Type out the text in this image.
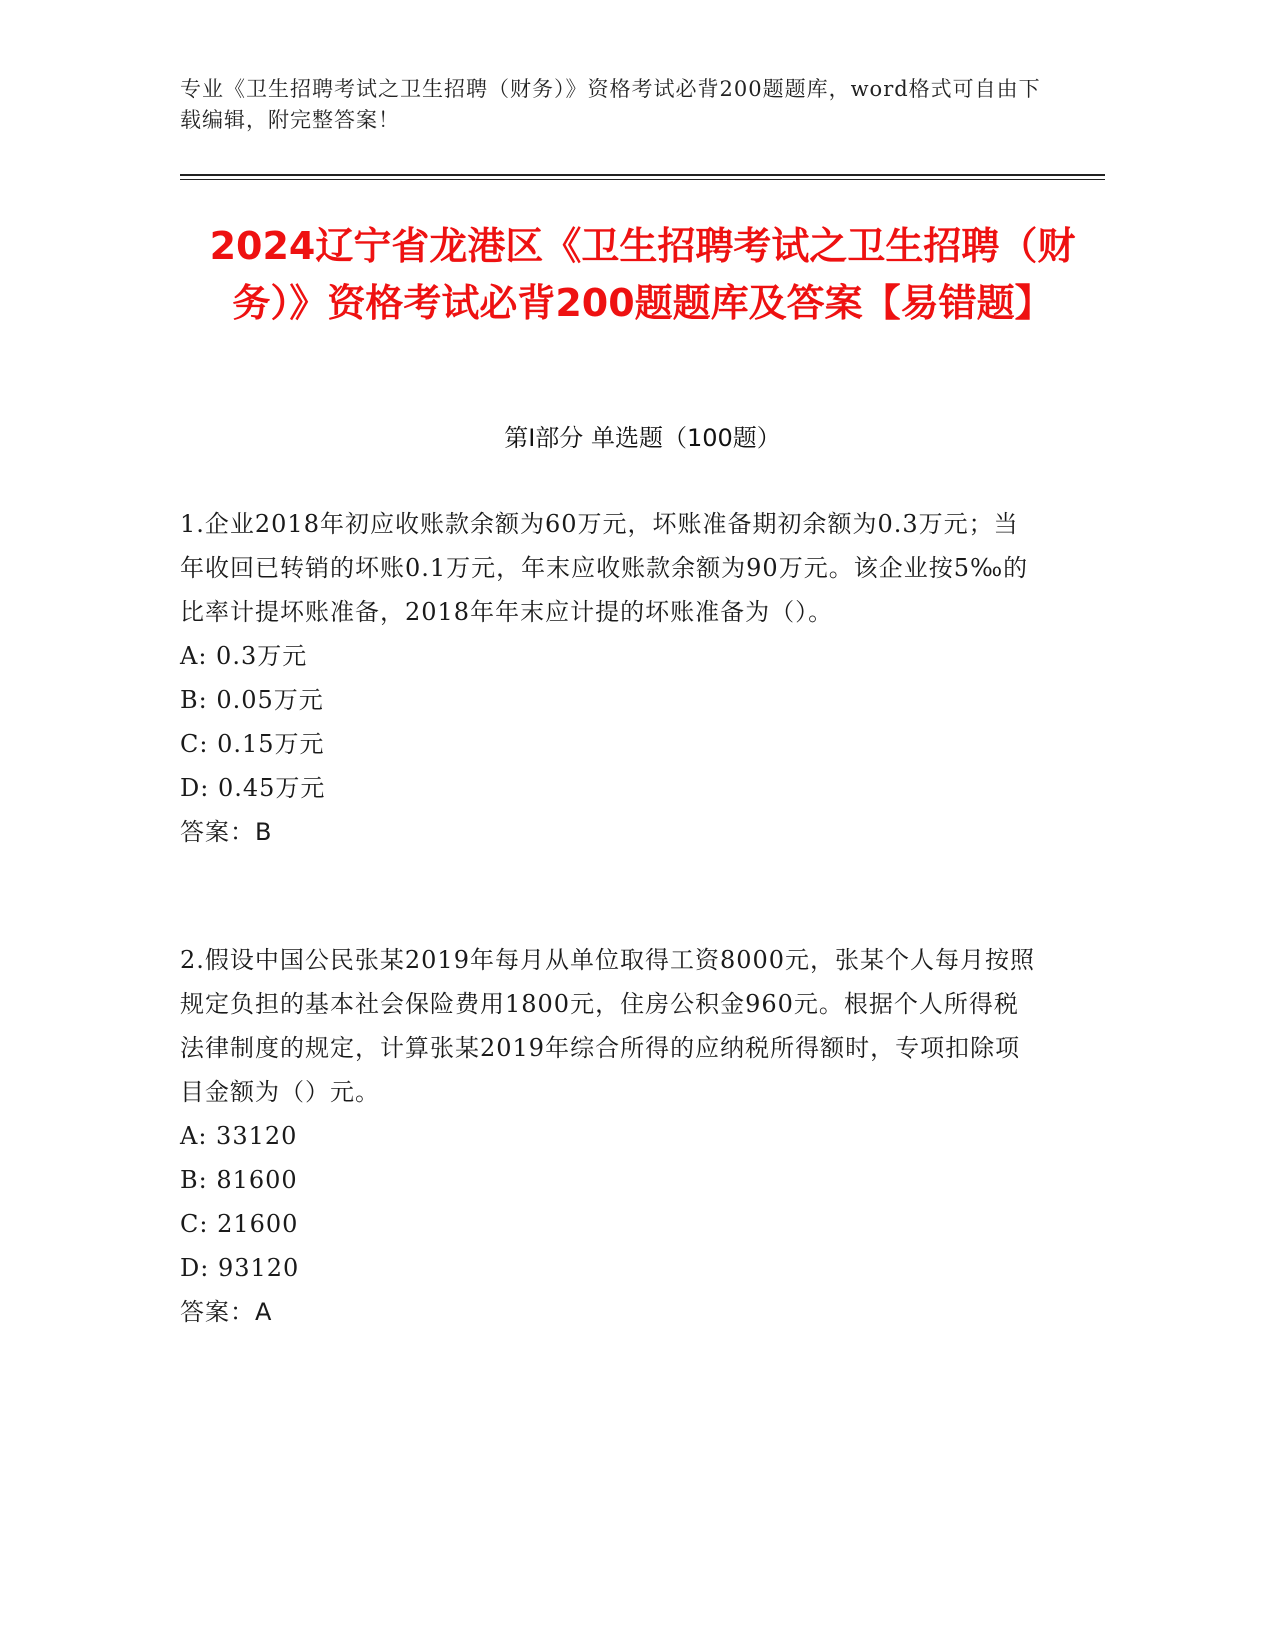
专业《卫生招聘考试之卫生招聘（财务）》资格考试必背200题题库，word格式可自由下载编辑，附完整答案！
2024辽宁省龙港区《卫生招聘考试之卫生招聘（财务）》资格考试必背200题题库及答案【易错题】
第I部分 单选题（100题）
1.企业2018年初应收账款余额为60万元，坏账准备期初余额为0.3万元；当年收回已转销的坏账0.1万元，年末应收账款余额为90万元。该企业按5‰的比率计提坏账准备，2018年年末应计提的坏账准备为（）。
A: 0.3万元
B: 0.05万元
C: 0.15万元
D: 0.45万元
答案：B
2.假设中国公民张某2019年每月从单位取得工资8000元，张某个人每月按照规定负担的基本社会保险费用1800元，住房公积金960元。根据个人所得税法律制度的规定，计算张某2019年综合所得的应纳税所得额时，专项扣除项目金额为（）元。
A: 33120
B: 81600
C: 21600
D: 93120
答案：A
